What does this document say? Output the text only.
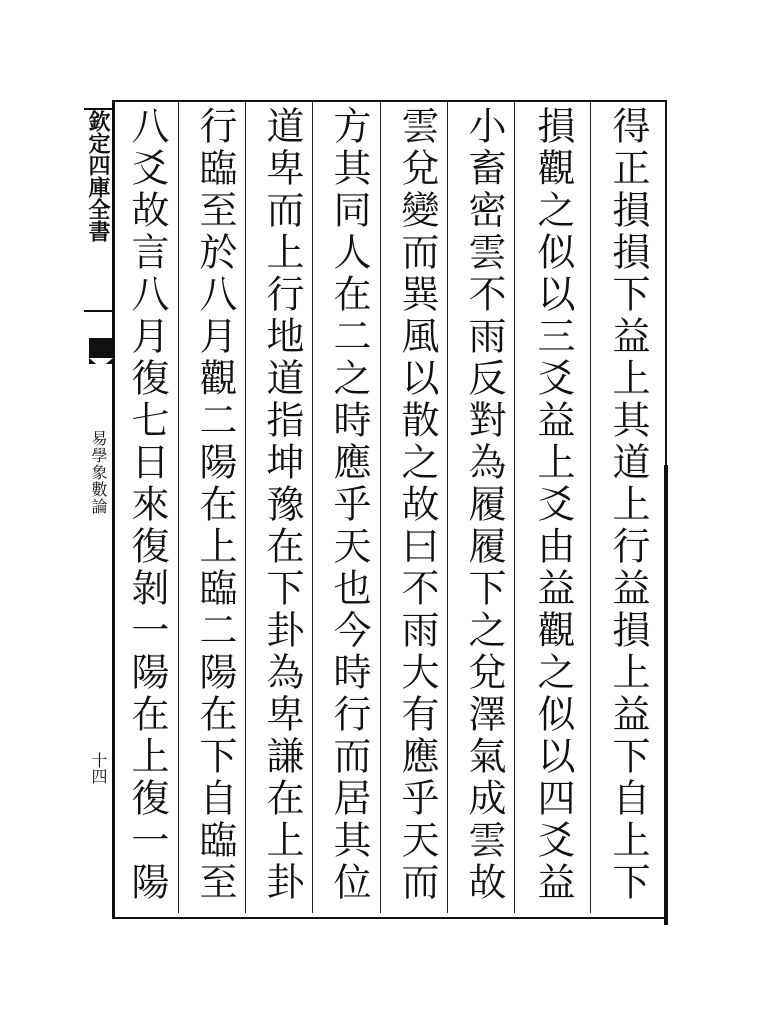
得正損損下益上其道上行益損上益下自上下
損觀之似以三爻益上爻由益觀之似以四爻益
小畜密雲不雨反對為履履下之兌澤氣成雲故
雲兌變而巽風以散之故曰不雨大有應乎天而
方其同人在二之時應乎天也今時行而居其位
道卑而上行地道指坤豫在下卦為卑謙在上卦
行臨至於八月觀二陽在上臨二陽在下自臨至
八爻故言八月復七日來復剝一陽在上復一陽
欽定四庫全書
易學象數論
十四
